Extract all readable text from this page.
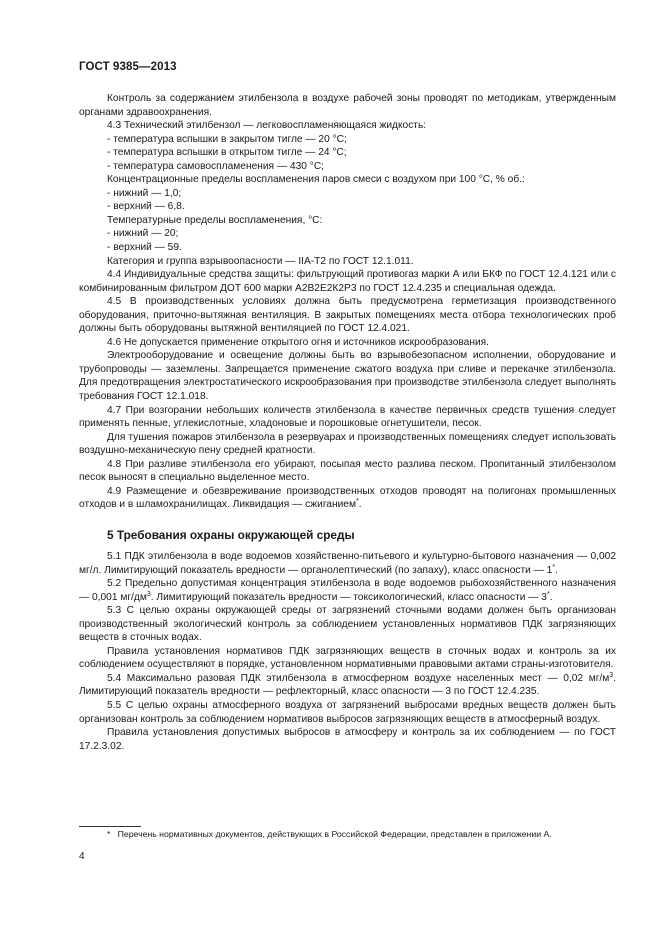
ГОСТ 9385—2013

Контроль за содержанием этилбензола в воздухе рабочей зоны проводят по методикам, утвержденным органами здравоохранения.

4.3 Технический этилбензол — легковоспламеняющаяся жидкость:

- температура вспышки в закрытом тигле — 20 °С;

- температура вспышки в открытом тигле — 24 °С;

- температура самовоспламенения — 430 °С;

Концентрационные пределы воспламенения паров смеси с воздухом при 100 °С, % об.:

- нижний — 1,0;

- верхний — 6,8.

Температурные пределы воспламенения, °С:

- нижний — 20;

- верхний — 59.

Категория и группа взрывоопасности — IIА-Т2 по ГОСТ 12.1.011.

4.4 Индивидуальные средства защиты: фильтрующий противогаз марки А или БКФ по ГОСТ 12.4.121 или с комбинированным фильтром ДОТ 600 марки А2В2Е2К2Р3 по ГОСТ 12.4.235 и специальная одежда.

4.5 В производственных условиях должна быть предусмотрена герметизация производственного оборудования, приточно-вытяжная вентиляция. В закрытых помещениях места отбора технологических проб должны быть оборудованы вытяжной вентиляцией по ГОСТ 12.4.021.

4.6 Не допускается применение открытого огня и источников искрообразования.

Электрооборудование и освещение должны быть во взрывобезопасном исполнении, оборудование и трубопроводы — заземлены. Запрещается применение сжатого воздуха при сливе и перекачке этилбензола. Для предотвращения электростатического искрообразования при производстве этилбензола следует выполнять требования ГОСТ 12.1.018.

4.7 При возгорании небольших количеств этилбензола в качестве первичных средств тушения следует применять пенные, углекислотные, хладоновые и порошковые огнетушители, песок.

Для тушения пожаров этилбензола в резервуарах и производственных помещениях следует использовать воздушно-механическую пену средней кратности.

4.8 При разливе этилбензола его убирают, посыпая место разлива песком. Пропитанный этилбензолом песок выносят в специально выделенное место.

4.9 Размещение и обезвреживание производственных отходов проводят на полигонах промышленных отходов и в шламохранилищах. Ликвидация — сжиганием*.

5 Требования охраны окружающей среды

5.1 ПДК этилбензола в воде водоемов хозяйственно-питьевого и культурно-бытового назначения — 0,002 мг/л. Лимитирующий показатель вредности — органолептический (по запаху), класс опасности — 1*.

5.2 Предельно допустимая концентрация этилбензола в воде водоемов рыбохозяйственного назначения — 0,001 $мг/дм^3$. Лимитирующий показатель вредности — токсикологический, класс опасности — 3*.

5.3 С целью охраны окружающей среды от загрязнений сточными водами должен быть организован производственный экологический контроль за соблюдением установленных нормативов ПДК загрязняющих веществ в сточных водах.

Правила установления нормативов ПДК загрязняющих веществ в сточных водах и контроль за их соблюдением осуществляют в порядке, установленном нормативными правовыми актами страны-изготовителя.

5.4 Максимально разовая ПДК этилбензола в атмосферном воздухе населенных мест — 0,02 $мг/м^3$. Лимитирующий показатель вредности — рефлекторный, класс опасности — 3 по ГОСТ 12.4.235.

5.5 С целью охраны атмосферного воздуха от загрязнений выбросами вредных веществ должен быть организован контроль за соблюдением нормативов выбросов загрязняющих веществ в атмосферный воздух.

Правила установления допустимых выбросов в атмосферу и контроль за их соблюдением — по ГОСТ 17.2.3.02.

* Перечень нормативных документов, действующих в Российской Федерации, представлен в приложении А.
4
